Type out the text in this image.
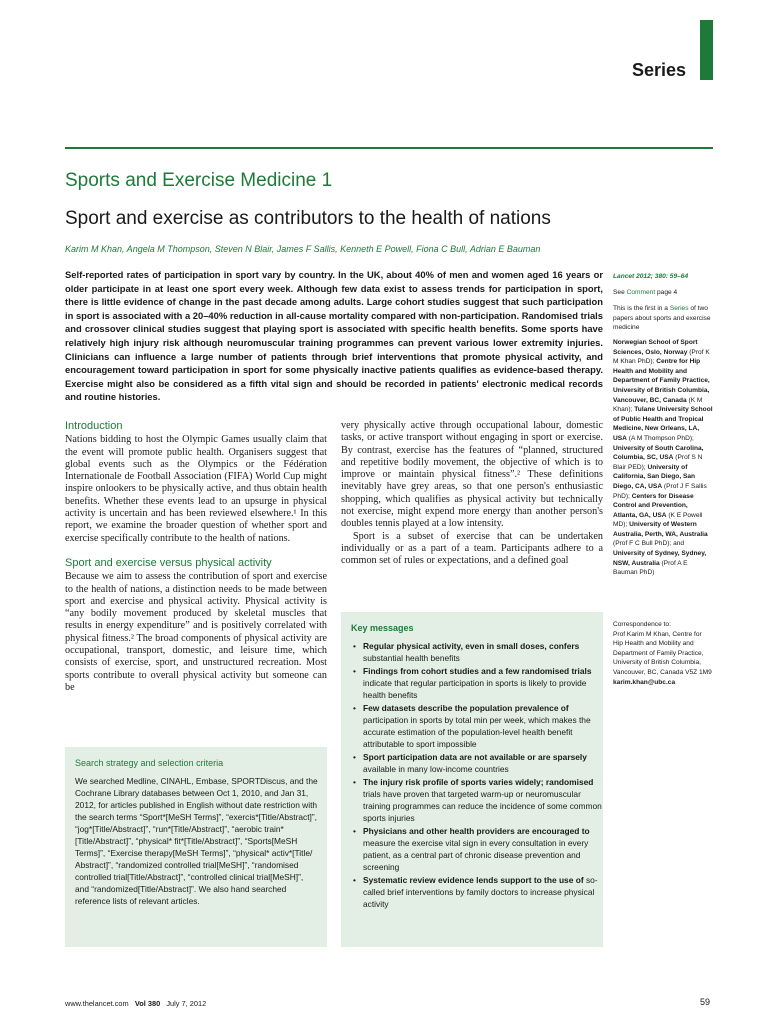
Series
Sports and Exercise Medicine 1
Sport and exercise as contributors to the health of nations
Karim M Khan, Angela M Thompson, Steven N Blair, James F Sallis, Kenneth E Powell, Fiona C Bull, Adrian E Bauman
Self-reported rates of participation in sport vary by country. In the UK, about 40% of men and women aged 16 years or older participate in at least one sport every week. Although few data exist to assess trends for participation in sport, there is little evidence of change in the past decade among adults. Large cohort studies suggest that such participation in sport is associated with a 20–40% reduction in all-cause mortality compared with non-participation. Randomised trials and crossover clinical studies suggest that playing sport is associated with specific health benefits. Some sports have relatively high injury risk although neuromuscular training programmes can prevent various lower extremity injuries. Clinicians can influence a large number of patients through brief interventions that promote physical activity, and encouragement toward participation in sport for some physically inactive patients qualifies as evidence-based therapy. Exercise might also be considered as a fifth vital sign and should be recorded in patients' electronic medical records and routine histories.
Introduction

Nations bidding to host the Olympic Games usually claim that the event will promote public health. Organisers suggest that global events such as the Olympics or the Fédération Internationale de Football Association (FIFA) World Cup might inspire onlookers to be physically active, and thus obtain health benefits. Whether these events lead to an upsurge in physical activity is uncertain and has been reviewed elsewhere.¹ In this report, we examine the broader question of whether sport and exercise specifically contribute to the health of nations.

Sport and exercise versus physical activity

Because we aim to assess the contribution of sport and exercise to the health of nations, a distinction needs to be made between sport and exercise and physical activity. Physical activity is “any bodily movement produced by skeletal muscles that results in energy expenditure” and is positively correlated with physical fitness.² The broad components of physical activity are occupational, transport, domestic, and leisure time, which consists of exercise, sport, and unstructured recreation. Most sports contribute to overall physical activity but someone can be

very physically active through occupational labour, domestic tasks, or active transport without engaging in sport or exercise. By contrast, exercise has the features of “planned, structured and repetitive bodily movement, the objective of which is to improve or maintain physical fitness”.² These definitions inevitably have grey areas, so that one person's enthusiastic shopping, which qualifies as physical activity but technically not exercise, might expend more energy than another person's doubles tennis played at a low intensity.

Sport is a subset of exercise that can be undertaken individually or as a part of a team. Participants adhere to a common set of rules or expectations, and a defined goal

Search strategy and selection criteria

We searched Medline, CINAHL, Embase, SPORTDiscus, and the Cochrane Library databases between Oct 1, 2010, and Jan 31, 2012, for articles published in English without date restriction with the search terms “Sport*[MeSH Terms]”, “exercis*[Title/Abstract]”, “jog*[Title/Abstract]”, “run*[Title/Abstract]”, “aerobic train*[Title/Abstract]”, “physical* fit*[Title/Abstract]”, “Sports[MeSH Terms]”, “Exercise therapy[MeSH Terms]”, “physical* activ*[Title/ Abstract]”, “randomized controlled trial[MeSH]”, “randomised controlled trial[Title/Abstract]”, “controlled clinical trial[MeSH]”, and “randomized[Title/Abstract]”. We also hand searched reference lists of relevant articles.

Key messages
• Regular physical activity, even in small doses, confers substantial health benefits
• Findings from cohort studies and a few randomised trials indicate that regular participation in sports is likely to provide health benefits
• Few datasets describe the population prevalence of participation in sports by total min per week, which makes the accurate estimation of the population-level health benefit attributable to sport impossible
• Sport participation data are not available or are sparsely available in many low-income countries
• The injury risk profile of sports varies widely; randomised trials have proven that targeted warm-up or neuromuscular training programmes can reduce the incidence of some common sports injuries
• Physicians and other health providers are encouraged to measure the exercise vital sign in every consultation in every patient, as a central part of chronic disease prevention and screening
• Systematic review evidence lends support to the use of so-called brief interventions by family doctors to increase physical activity

Lancet 2012; 380: 59–64

See Comment page 4

This is the first in a Series of two papers about sports and exercise medicine

Norwegian School of Sport Sciences, Oslo, Norway (Prof K M Khan PhD); Centre for Hip Health and Mobility and Department of Family Practice, University of British Columbia, Vancouver, BC, Canada (K M Khan); Tulane University School of Public Health and Tropical Medicine, New Orleans, LA, USA (A M Thompson PhD); University of South Carolina, Columbia, SC, USA (Prof S N Blair PED); University of California, San Diego, San Diego, CA, USA (Prof J F Sallis PhD); Centers for Disease Control and Prevention, Atlanta, GA, USA (K E Powell MD); University of Western Australia, Perth, WA, Australia (Prof F C Bull PhD); and University of Sydney, Sydney, NSW, Australia (Prof A E Bauman PhD)

Correspondence to:

Prof Karim M Khan, Centre for Hip Health and Mobility and Department of Family Practice, University of British Columbia, Vancouver, BC, Canada V5Z 1M9

karim.khan@ubc.ca

www.thelancet.com Vol 380 July 7, 2012	59
